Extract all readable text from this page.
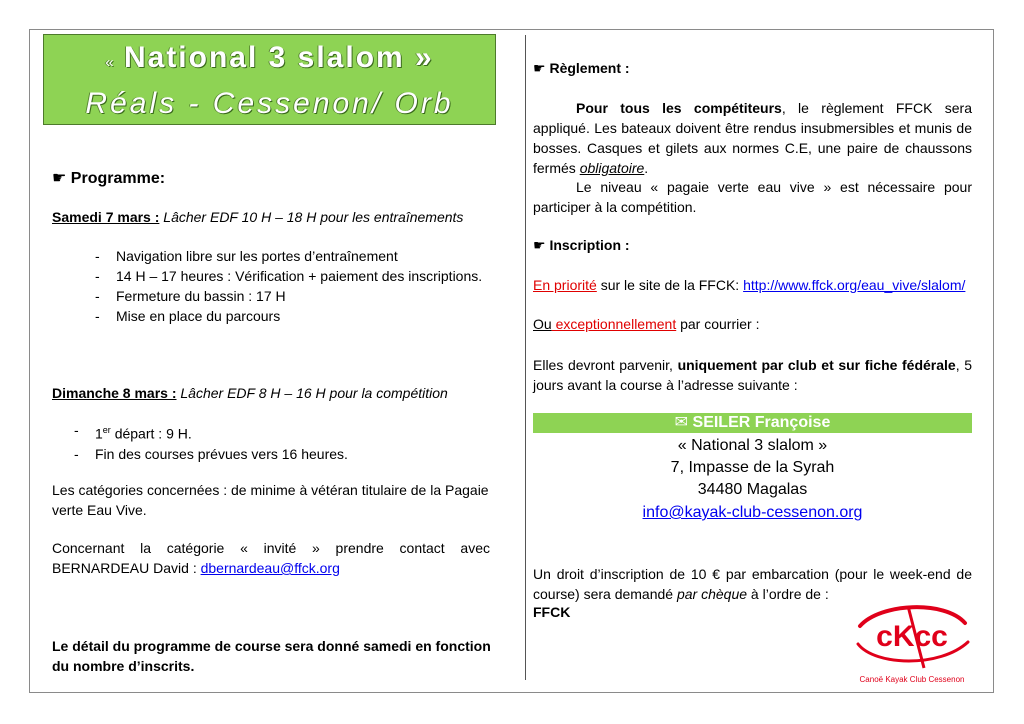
« National 3 slalom »
Réals - Cessenon/ Orb
☛ Programme:
Samedi 7 mars : Lâcher EDF 10 H – 18 H pour les entraînements
- Navigation libre sur les portes d’entraînement
- 14 H – 17 heures : Vérification + paiement des inscriptions.
- Fermeture du bassin : 17 H
- Mise en place du parcours
Dimanche 8 mars : Lâcher EDF 8 H – 16 H pour la compétition
- 1er départ : 9 H.
- Fin des courses prévues vers 16 heures.
Les catégories concernées : de minime à vétéran titulaire de la Pagaie verte Eau Vive.
Concernant la catégorie « invité » prendre contact avec BERNARDEAU David : dbernardeau@ffck.org
Le détail du programme de course sera donné samedi en fonction du nombre d’inscrits.
☛ Règlement :
Pour tous les compétiteurs, le règlement FFCK sera appliqué. Les bateaux doivent être rendus insubmersibles et munis de bosses. Casques et gilets aux normes C.E, une paire de chaussons fermés obligatoire.
Le niveau « pagaie verte eau vive » est nécessaire pour participer à la compétition.
☛ Inscription :
En priorité sur le site de la FFCK: http://www.ffck.org/eau_vive/slalom/
Ou exceptionnellement par courrier :
Elles devront parvenir, uniquement par club et sur fiche fédérale, 5 jours avant la course à l’adresse suivante :
✉ SEILER Françoise
« National 3 slalom »
7, Impasse de la Syrah
34480 Magalas
info@kayak-club-cessenon.org
Un droit d’inscription de 10 € par embarcation (pour le week-end de course) sera demandé par chèque à l’ordre de :
FFCK
cKcc
Canoë Kayak Club Cessenon
